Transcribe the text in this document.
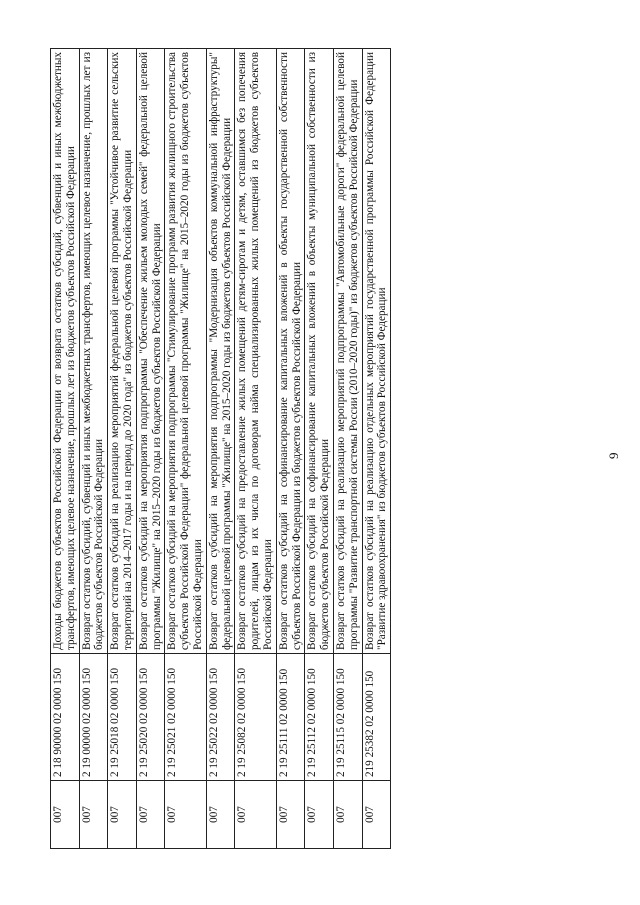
9
007	2 18 90000 02 0000 150	Доходы бюджетов субъектов Российской Федерации от возврата остатков субсидий, субвенций и иных межбюджетных трансфертов, имеющих целевое назначение, прошлых лет из бюджетов субъектов Российской Федерации
007	2 19 00000 02 0000 150	Возврат остатков субсидий, субвенций и иных межбюджетных трансфертов, имеющих целевое назначение, прошлых лет из бюджетов субъектов Российской Федерации
007	2 19 25018 02 0000 150	Возврат остатков субсидий на реализацию мероприятий федеральной целевой программы "Устойчивое развитие сельских территорий на 2014–2017 годы и на период до 2020 года" из бюджетов субъектов Российской Федерации
007	2 19 25020 02 0000 150	Возврат остатков субсидий на мероприятия подпрограммы "Обеспечение жильем молодых семей" федеральной целевой программы "Жилище" на 2015–2020 годы из бюджетов субъектов Российской Федерации
007	2 19 25021 02 0000 150	Возврат остатков субсидий на мероприятия подпрограммы "Стимулирование программ развития жилищного строительства субъектов Российской Федерации" федеральной целевой программы "Жилище" на 2015–2020 годы из бюджетов субъектов Российской Федерации
007	2 19 25022 02 0000 150	Возврат остатков субсидий на мероприятия подпрограммы "Модернизация объектов коммунальной инфраструктуры" федеральной целевой программы "Жилище" на 2015–2020 годы из бюджетов субъектов Российской Федерации
007	2 19 25082 02 0000 150	Возврат остатков субсидий на предоставление жилых помещений детям-сиротам и детям, оставшимся без попечения родителей, лицам из их числа по договорам найма специализированных жилых помещений из бюджетов субъектов Российской Федерации
007	2 19 25111 02 0000 150	Возврат остатков субсидий на софинансирование капитальных вложений в объекты государственной собственности субъектов Российской Федерации из бюджетов субъектов Российской Федерации
007	2 19 25112 02 0000 150	Возврат остатков субсидий на софинансирование капитальных вложений в объекты муниципальной собственности из бюджетов субъектов Российской Федерации
007	2 19 25115 02 0000 150	Возврат остатков субсидий на реализацию мероприятий подпрограммы "Автомобильные дороги" федеральной целевой программы "Развитие транспортной системы России (2010–2020 годы)" из бюджетов субъектов Российской Федерации
007	219 25382 02 0000 150	Возврат остатков субсидий на реализацию отдельных мероприятий государственной программы Российской Федерации "Развитие здравоохранения" из бюджетов субъектов Российской Федерации
